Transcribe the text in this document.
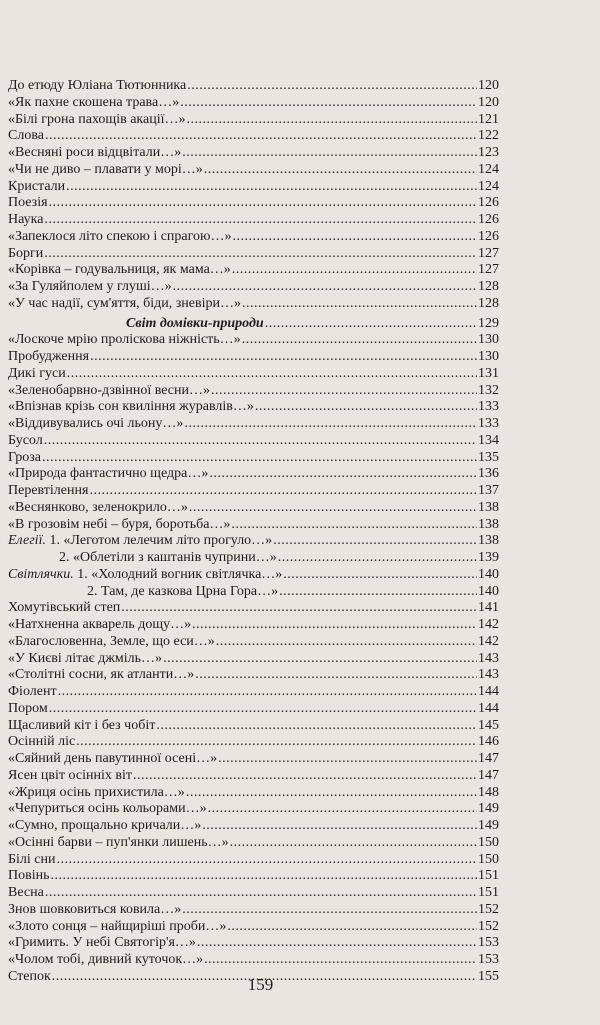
До етюду Юліана Тютюнника .....	120
«Як пахне скошена трава…» .....	120
«Білі грона пахощів акації…» .....	121
Слова .....	122
«Весняні роси відцвітали…» .....	123
«Чи не диво – плавати у морі…» .....	124
Кристали .....	124
Поезія .....	126
Наука .....	126
«Запеклося літо спекою і спрагою…» .....	126
Борги .....	127
«Корівка – годувальниця, як мама…» .....	127
«За Гуляйполем у глуші…» .....	128
«У час надії, сум'яття, біди, зневіри…» .....	128
Світ домівки-природи .....	129
«Лоскоче мрію проліскова ніжність…» .....	130
Пробудження .....	130
Дикі гуси .....	131
«Зеленобарвно-дзвінної весни…» .....	132
«Впізнав крізь сон квиління журавлів…» .....	133
«Віддивувались очі льону…» .....	133
Бусол .....	134
Гроза .....	135
«Природа фантастично щедра…» .....	136
Перевтілення .....	137
«Веснянково, зеленокрило…» .....	138
«В грозовім небі – буря, боротьба…» .....	138
Елегії. 1. «Леготом лелечим літо прогуло…» .....	138
2. «Облетіли з каштанів чуприни…» .....	139
Світлячки. 1. «Холодний вогник світлячка…» .....	140
2. Там, де казкова Црна Гора…» .....	140
Хомутівський степ .....	141
«Натхненна акварель дощу…» .....	142
«Благословенна, Земле, що еси…» .....	142
«У Києві літає джміль…» .....	143
«Столітні сосни, як атланти…» .....	143
Фіолент .....	144
Пором .....	144
Щасливий кіт і без чобіт .....	145
Осінній ліс .....	146
«Сяйний день павутинної осені…» .....	147
Ясен цвіт осінніх віт .....	147
«Жриця осінь прихистила…» .....	148
«Чепуриться осінь кольорами…» .....	149
«Сумно, прощально кричали…» .....	149
«Осінні барви – пуп'янки лишень…» .....	150
Білі сни .....	150
Повінь .....	151
Весна .....	151
Знов шовковиться ковила…» .....	152
«Злото сонця – найщиріші проби…» .....	152
«Гримить. У небі Святогір'я…» .....	153
«Чолом тобі, дивний куточок…» .....	153
Степок .....	155
159
